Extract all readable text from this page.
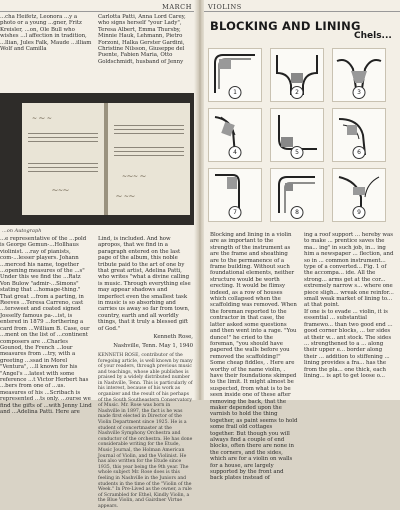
MARCH

...cha Heifetz, Leonora ...y a photo or a young ...gner, Fritz Kreisler, ...on, Ole Bull who wishes ...l affection in tradition, ...llian, Jules Falk, Maude ...illiam Wolf and Camilla

Carlotta Patti, Anna Lord Carey, who signs herself "your Lady", Teresa Albert, Emma Thursby, Minnie Hauk, Lehmann, Pietro Forzoni, Halka Gerster Gardini, Christine Nilsson, Giuseppe del Puente, Fabien Maria, Otto Goldschmidt, husband of Jenny

~ ⁓ ~
⁓~⁓
~⁓~ ⁓
⁓ ~⁓
...on Autograph

...e representative of the ...pold is George Gemun-...Hollhaus violinist. ...ray of pianists, com-...lesser players. Johann ...merced his name, together ...opening measures of the ...s" Under this we find the ...Ratz Von Bulow "admir-...Simons" stating that ...homage-thing." That great ...from a parting, in Reeves ...Teresa Carreno, cast ...tersweet and coated signed Josselfy famous pa-...ist, is entered in 1879 ...forthering a card from ...William B. Case, our ...ment on the list of ...continent composers are ...Charles Gounod, the French ...lour measures from ...try, with a greeting ...ssad in Morel "Ventura", ...ll known for his "Angel's ...latest with some reference ...t Victor Herbert has ...bers from one of ...us. measures of his ...Scribach is represented ...ts only. ...ourse we find the gifts of ...with Jenny Lind and ...Adelina Patti. Here are

Lind, is included. And how apropos, that we find in a paragraph entered on the last page of the album, this noble tribute paid to the art of one by that great artist, Adelina Patti, who writes "what a divine calling is music. Through everything else may appear shadows and imperfect even the smallest task in music is so absorbing and carries us away so far from town, country, earth and all worldly things, that it truly a blessed gift of God."
Kenneth Rose,
Nashville, Tenn. May 1, 1940
KENNETH ROSE, contributor of the foregoing article, is well known by many of your readers, through previous music and teachings, whose able publishes is praised by a widely distributed number in Nashville, Tenn. This is particularly of his interest, because of his work as organizer and the result of his perhaps of the South Southeastern Conservatory of Music. Mr. Rose was born in Nashville in 1897, the fact is he was made first elected in Director of the Violin Department since 1925. He is a student of concertmaster at the Nashville Symphony Orchestra and conductor of the orchestra. He has done considerable writing for the Etude, Music Journal, the Holman American Journal of Violin, and the Violinist. He has also written for the Etude since 1935, this year being the 9th year. The whole subject Mr. Rose does is this feeling in Nashville in the Juniors and students in the time of the "Violin of the Week." In Pre-Lived as the owner, a rule of Scrambled for Ethel, Kindly Violin, a the Blue Violin, and Gairdner Virtue appears.
VIOLINS
BLOCKING AND LINING
Chels...
1	2	3
4	5	6
7	8	9

Blocking and lining in a violin are as important to the strength of the instrument as are the frame and sheathing are to the permanence of a frame building. Without such foundational elements, neither structure would be worth erecting. It would be flimsy indeed, as a row of houses which collapsed when the scaffolding was removed. When the foreman reported to the contractor in that case, the latter asked some questions and then went into a rage. "You dunce!" he cried to the foreman, "you should have papered the walls before you removed the scaffolding!"
Some cheap fiddles, . Here are worthy of the name violin, . have their foundations skimped to the limit. It might almost be suspected, from what is to be seen inside one of these after removing the back, that the maker depended upon the varnish to hold the thing together, as paint seems to hold some frail old cottages together. But though you will always find a couple of end blocks, often there are none in the corners, and the sides, which are for a violin on walls for a house, are largely supported by the front and back plates instead of

ing a roof support ... hereby was to make ... prentice saves the ma... ing" in such job, in... ing him a newspaper ... flection, and so in ... common instrument... type of a converted... Fig. 1 of the accompa... ide. All the strong... arms get at the cor... extremely narrow s... where one piece sligh... wreak one reinfor... small weak market of lining to... at that point.
If one is to evade ... violin, it is essential ... substantial framewo... than two good end ... good corner blocks, ... ter sides at their w... ant stock. The sides ... strengthened to a ... along their upper e... border along their ... addition to stiffening ... lining provides a fra... has the from the pla... one thick, each lining... is apt to get loose o...
